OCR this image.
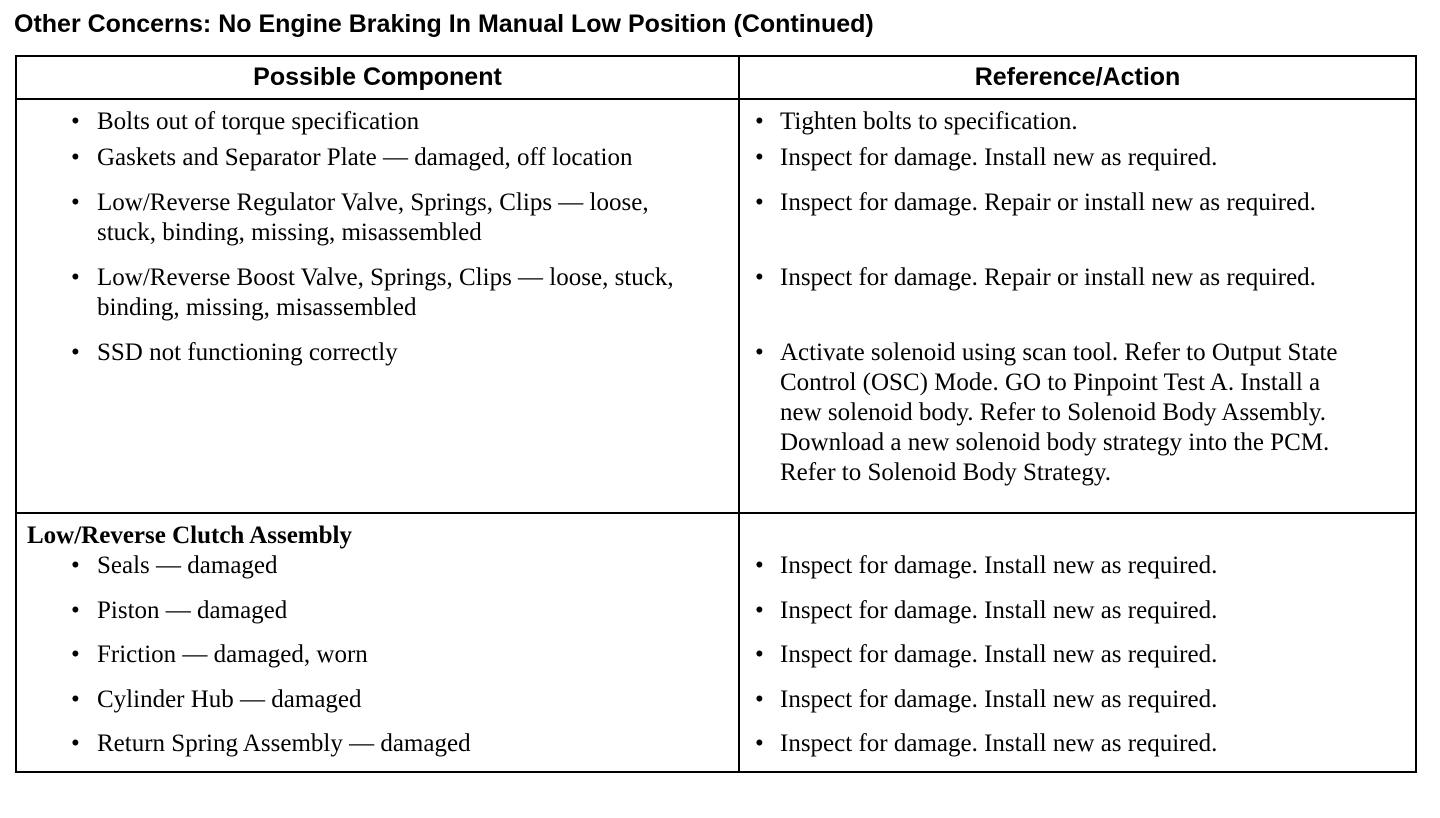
Other Concerns: No Engine Braking In Manual Low Position (Continued)
Possible Component	Reference/Action

• Bolts out of torque specification	• Tighten bolts to specification.

• Gaskets and Separator Plate — damaged, off location	• Inspect for damage. Install new as required.

• Low/Reverse Regulator Valve, Springs, Clips — loose, stuck, binding, missing, misassembled	• Inspect for damage. Repair or install new as required.

• Low/Reverse Boost Valve, Springs, Clips — loose, stuck, binding, missing, misassembled	• Inspect for damage. Repair or install new as required.

• SSD not functioning correctly	• Activate solenoid using scan tool. Refer to Output State Control (OSC) Mode. GO to Pinpoint Test A. Install a new solenoid body. Refer to Solenoid Body Assembly. Download a new solenoid body strategy into the PCM. Refer to Solenoid Body Strategy.

Low/Reverse Clutch Assembly	

• Seals — damaged	• Inspect for damage. Install new as required.

• Piston — damaged	• Inspect for damage. Install new as required.

• Friction — damaged, worn	• Inspect for damage. Install new as required.

• Cylinder Hub — damaged	• Inspect for damage. Install new as required.

• Return Spring Assembly — damaged	• Inspect for damage. Install new as required.
